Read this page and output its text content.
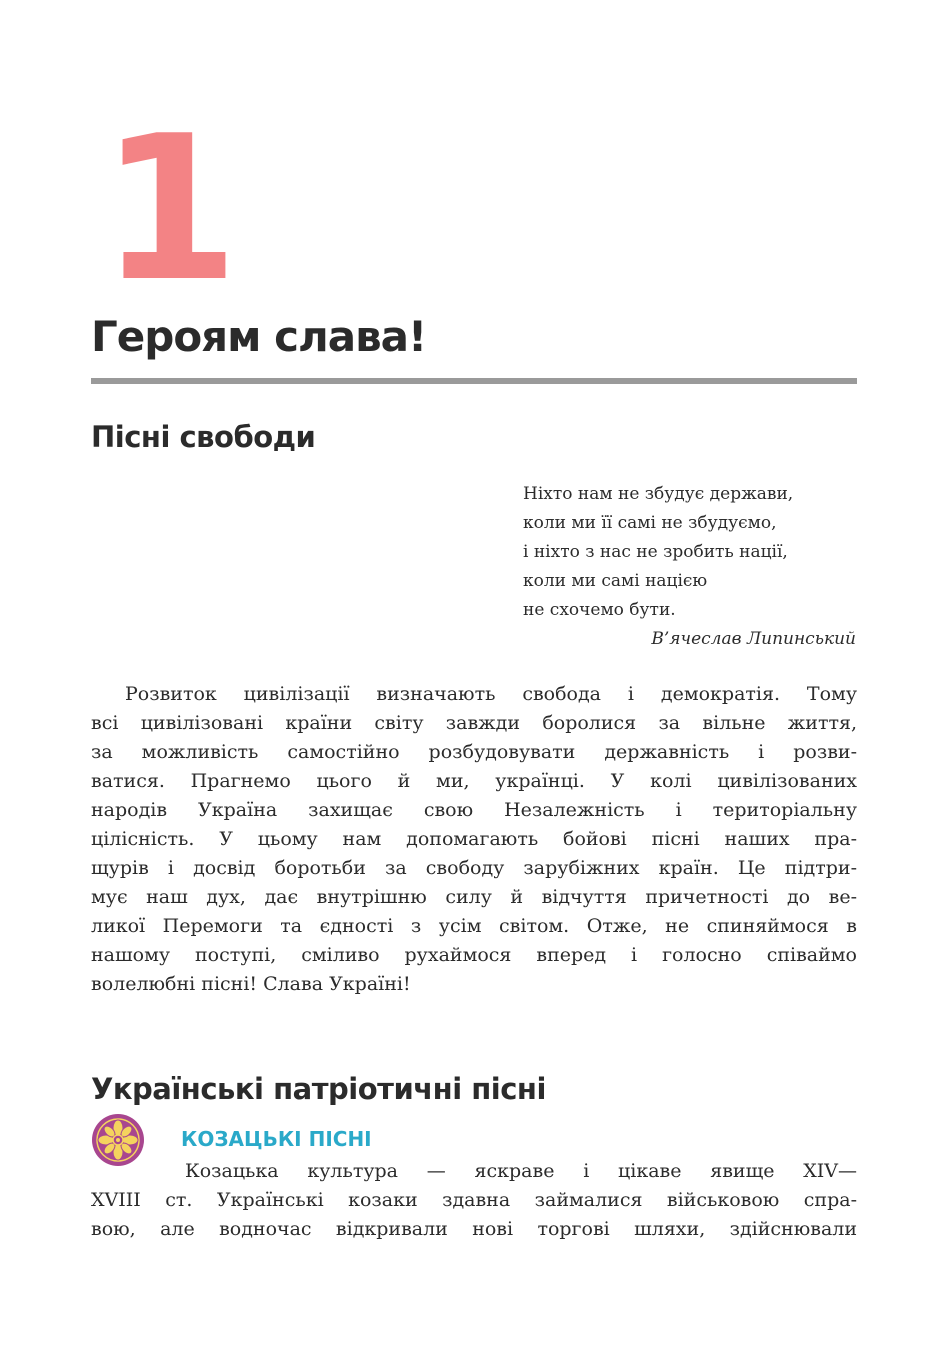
1
Героям слава!
Пісні свободи
Ніхто нам не збудує держави,
коли ми її самі не збудуємо,
і ніхто з нас не зробить нації,
коли ми самі нацією
не схочемо бути.
В’ячеслав Липинський
Розвиток цивілізації визначають свобода і демократія. Тому
всі цивілізовані країни світу завжди боролися за вільне життя,
за можливість самостійно розбудовувати державність і розви-
ватися. Прагнемо цього й ми, українці. У колі цивілізованих
народів Україна захищає свою Незалежність і територіальну
цілісність. У цьому нам допомагають бойові пісні наших пра-
щурів і досвід боротьби за свободу зарубіжних країн. Це підтри-
мує наш дух, дає внутрішню силу й відчуття причетності до ве-
ликої Перемоги та єдності з усім світом. Отже, не спиняймося в
нашому поступі, сміливо рухаймося вперед і голосно співаймо
волелюбні пісні! Слава Україні!
Українські патріотичні пісні
КОЗАЦЬКІ ПІСНІ
Козацька культура — яскраве і цікаве явище XIV—
XVIII ст. Українські козаки здавна займалися військовою спра-
вою, але водночас відкривали нові торгові шляхи, здійснювали
